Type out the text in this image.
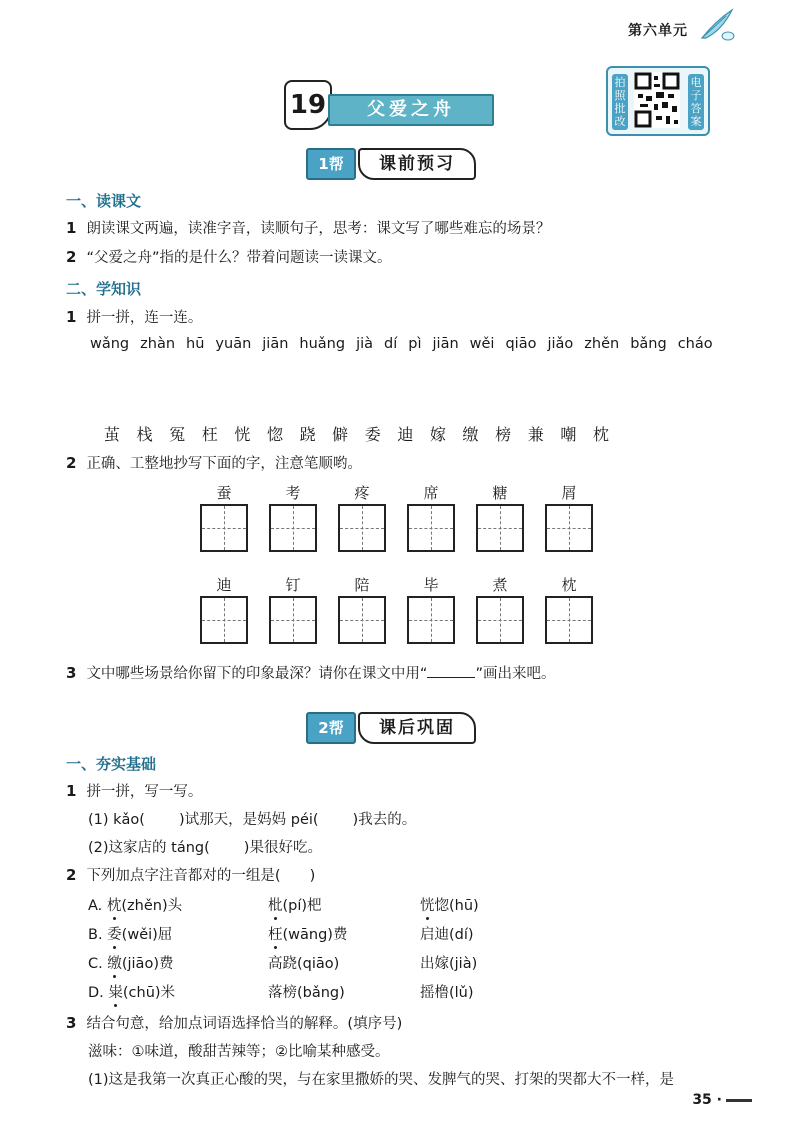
第六单元
拍照批改
电子答案
19	父爱之舟
1帮	课前预习
一、读课文
1 朗读课文两遍，读准字音，读顺句子，思考：课文写了哪些难忘的场景？
2 “父爱之舟”指的是什么？带着问题读一读课文。
二、学知识
1 拼一拼，连一连。
wǎng zhàn hū yuān jiān huǎng jià dí pì jiān wěi qiāo jiǎo zhěn bǎng cháo
茧 栈 冤 枉 恍 惚 跷 僻 委 迪 嫁 缴 榜 兼 嘲 枕
2 正确、工整地抄写下面的字，注意笔顺哟。
蚕	考	疼	席	糖	屑
迪	钉	陪	毕	煮	枕
3 文中哪些场景给你留下的印象最深？请你在课文中用“	”画出来吧。
2帮	课后巩固
一、夯实基础
1 拼一拼，写一写。
(1) kǎo( )试那天，是妈妈 péi( )我去的。
(2)这家店的 táng( )果很好吃。
2 下列加点字注音都对的一组是(　　)
A. 枕(zhěn)头	枇(pí)杷	恍惚(hū)
B. 委(wěi)屈	枉(wāng)费	启迪(dí)
C. 缴(jiāo)费	高跷(qiāo)	出嫁(jià)
D. 粜(chū)米	落榜(bǎng)	摇橹(lǔ)
3 结合句意，给加点词语选择恰当的解释。(填序号)
滋味：①味道，酸甜苦辣等；②比喻某种感受。
(1)这是我第一次真正心酸的哭，与在家里撒娇的哭、发脾气的哭、打架的哭都大不一样，是
35 ·
